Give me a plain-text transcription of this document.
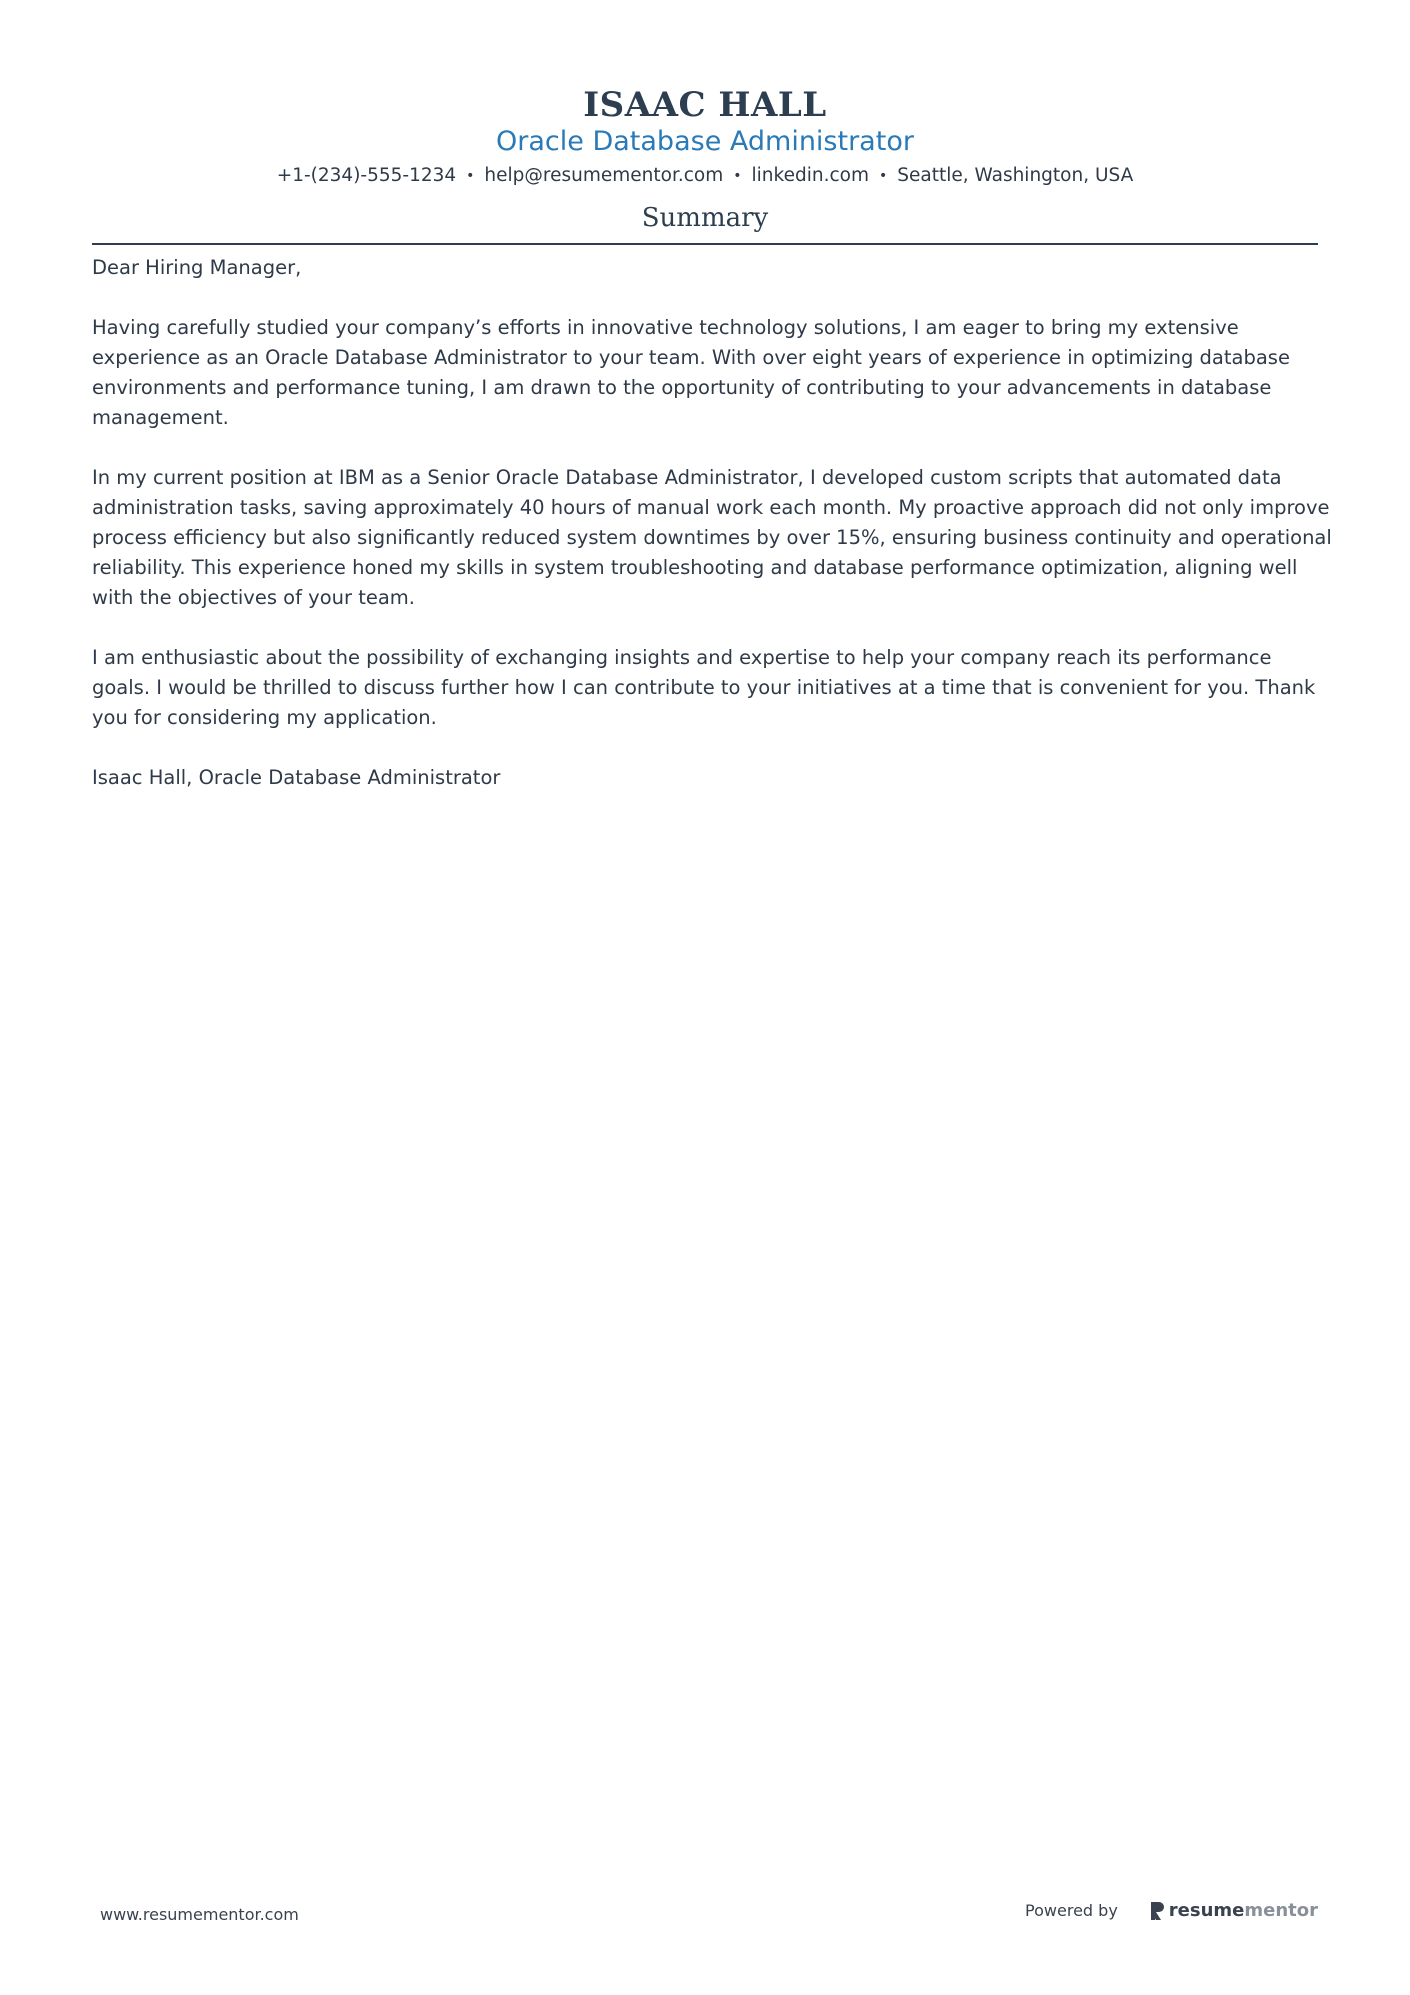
ISAAC HALL
Oracle Database Administrator
+1-(234)-555-1234 • help@resumementor.com • linkedin.com • Seattle, Washington, USA
Summary

Dear Hiring Manager,

Having carefully studied your company’s efforts in innovative technology solutions, I am eager to bring my extensive experience as an Oracle Database Administrator to your team. With over eight years of experience in optimizing database environments and performance tuning, I am drawn to the opportunity of contributing to your advancements in database management.

In my current position at IBM as a Senior Oracle Database Administrator, I developed custom scripts that automated data administration tasks, saving approximately 40 hours of manual work each month. My proactive approach did not only improve process efficiency but also significantly reduced system downtimes by over 15%, ensuring business continuity and operational reliability. This experience honed my skills in system troubleshooting and database performance optimization, aligning well with the objectives of your team.

I am enthusiastic about the possibility of exchanging insights and expertise to help your company reach its performance goals. I would be thrilled to discuss further how I can contribute to your initiatives at a time that is convenient for you. Thank you for considering my application.

Isaac Hall, Oracle Database Administrator

www.resumementor.com	Powered by	resume mentor
